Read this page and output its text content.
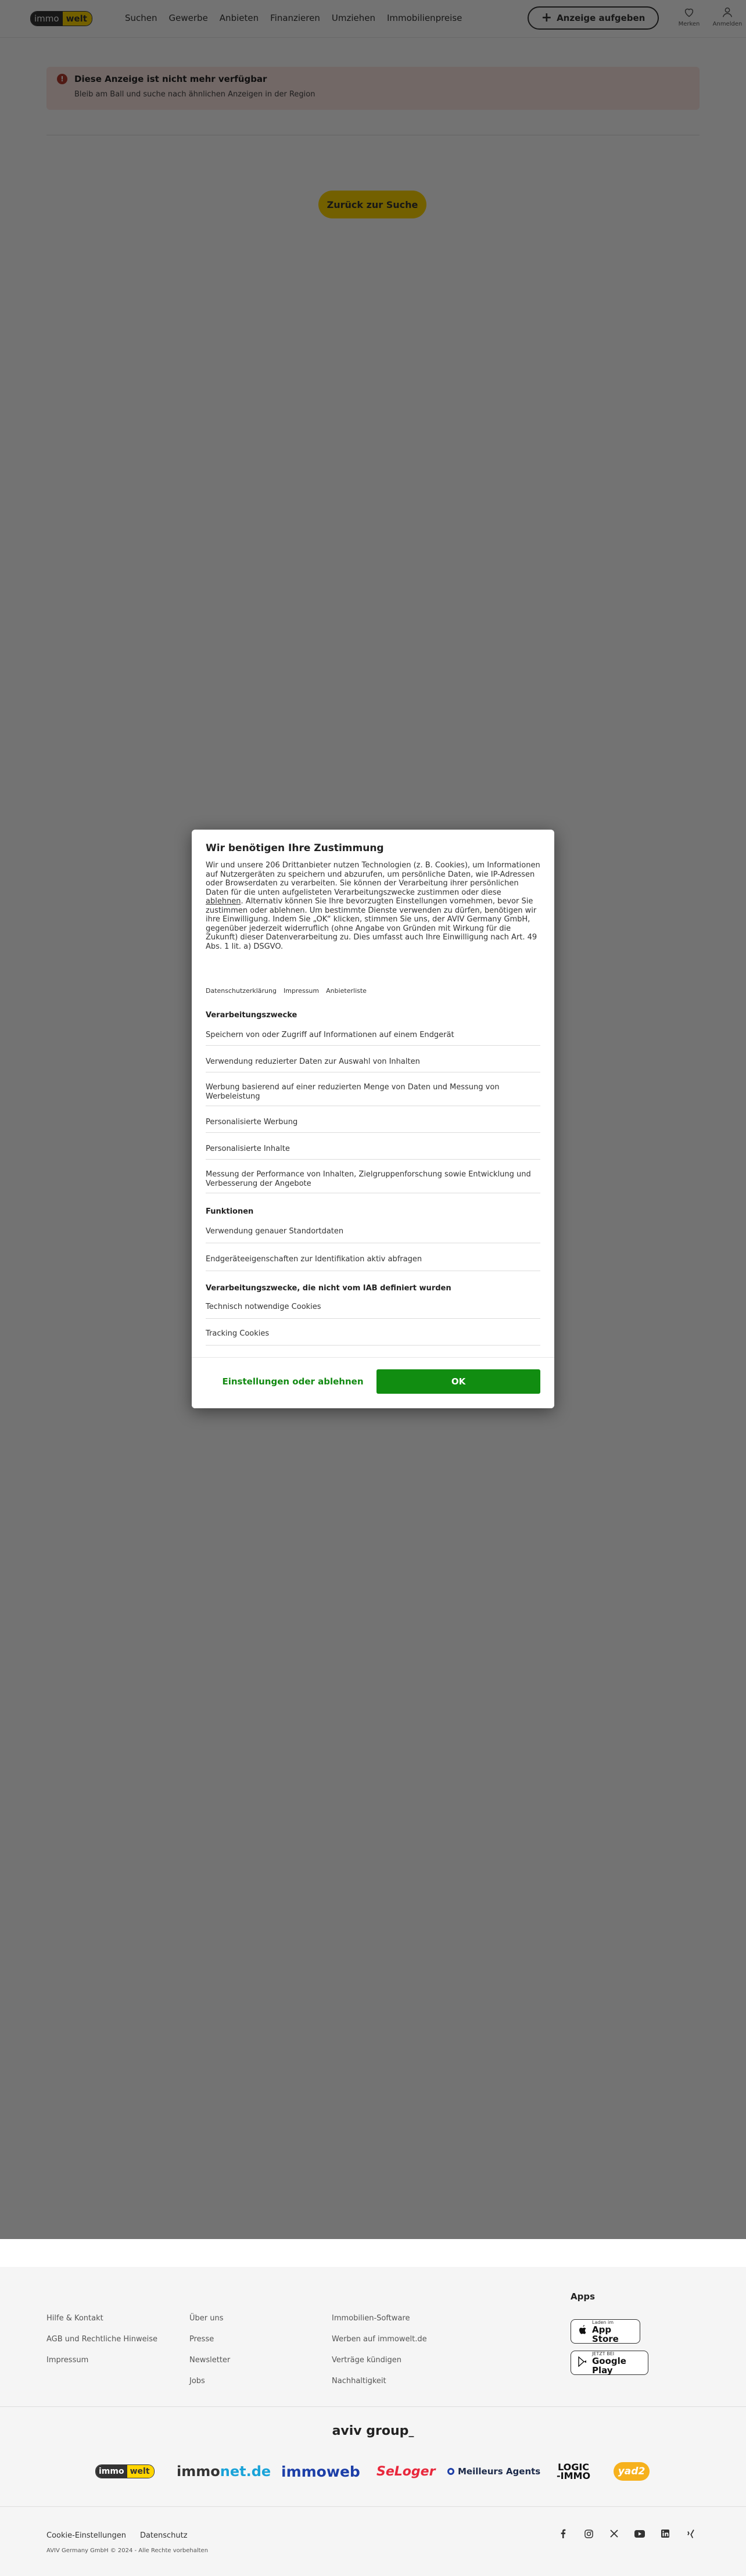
Hilfe & Kontakt
AGB und Rechtliche Hinweise
Impressum
Über uns
Presse
Newsletter
Jobs
Immobilien-Software
Werben auf immowelt.de
Verträge kündigen
Nachhaltigkeit
Apps
Laden im
App Store
JETZT BEI
Google Play
aviv group_
immo welt immo net.de immoweb SeLoger	Meilleurs Agents LOGIC
-IMMO	yad2
Cookie-Einstellungen Datenschutz
AVIV Germany GmbH © 2024 - Alle Rechte vorbehalten
Wir benötigen Ihre Zustimmung

Wir und unsere 206 Drittanbieter nutzen Technologien (z. B. Cookies), um Informationen auf Nutzergeräten zu speichern und abzurufen, um persönliche Daten, wie IP-Adressen oder Browserdaten zu verarbeiten. Sie können der Verarbeitung ihrer persönlichen Daten für die unten aufgelisteten Verarbeitungszwecke zustimmen oder diese ablehnen. Alternativ können Sie Ihre bevorzugten Einstellungen vornehmen, bevor Sie zustimmen oder ablehnen. Um bestimmte Dienste verwenden zu dürfen, benötigen wir ihre Einwilligung. Indem Sie „OK“ klicken, stimmen Sie uns, der AVIV Germany GmbH, gegenüber jederzeit widerruflich (ohne Angabe von Gründen mit Wirkung für die Zukunft) dieser Datenverarbeitung zu. Dies umfasst auch Ihre Einwilligung nach Art. 49 Abs. 1 lit. a) DSGVO.

Datenschutzerklärung Impressum Anbieterliste
Verarbeitungszwecke
Speichern von oder Zugriff auf Informationen auf einem Endgerät
Verwendung reduzierter Daten zur Auswahl von Inhalten
Werbung basierend auf einer reduzierten Menge von Daten und Messung von Werbeleistung
Personalisierte Werbung
Personalisierte Inhalte
Messung der Performance von Inhalten, Zielgruppenforschung sowie Entwicklung und Verbesserung der Angebote
Funktionen
Verwendung genauer Standortdaten
Endgeräteeigenschaften zur Identifikation aktiv abfragen
Verarbeitungszwecke, die nicht vom IAB definiert wurden
Technisch notwendige Cookies
Tracking Cookies
Einstellungen oder ablehnen	OK
